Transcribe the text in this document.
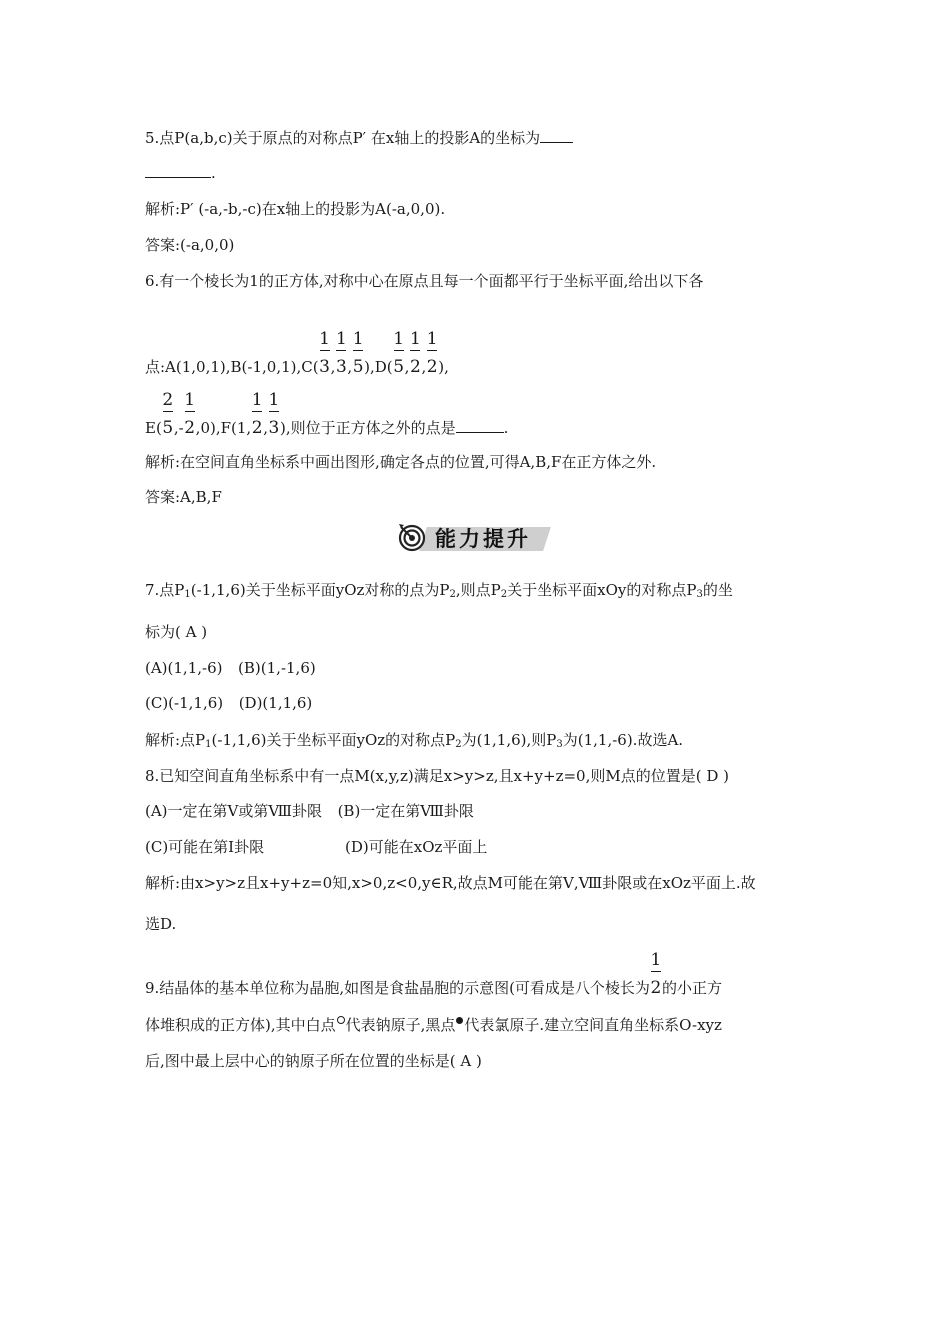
5.点P(a,b,c)关于原点的对称点P′ 在x轴上的投影A的坐标为
.
解析:P′ (-a,-b,-c)在x轴上的投影为A(-a,0,0).
答案:(-a,0,0)
6.有一个棱长为1的正方体,对称中心在原点且每一个面都平行于坐标平面,给出以下各
点:A(1,0,1),B(-1,0,1),C( $\frac{1}{3}$, $\frac{1}{3}$, $\frac{1}{5}),D( \frac{1}{5}$, $\frac{1}{2}$, $\frac{1}{2}$),
$E( \frac{2}{5},- \frac{1}{2},0),F(1$, $\frac{1}{2}$, $\frac{1}{3}$),则位于正方体之外的点是	.
解析:在空间直角坐标系中画出图形,确定各点的位置,可得A,B,F在正方体之外.
答案:A,B,F
能力提升
7.点$P_1(-1,1,6)$关于坐标平面yOz对称的点为$P_2$,则点$P_2$关于坐标平面xOy的对称点$P_3$的坐
标为( A )
(A)(1,1,-6) (B)(1,-1,6)
(C)(-1,1,6) (D)(1,1,6)
解析:点$P_1(-1,1,6)$关于坐标平面yOz的对称点$P_2$为(1,1,6),则$P_3$为(1,1,-6).故选A.
8.已知空间直角坐标系中有一点M(x,y,z)满足x>y>z,且x+y+z=0,则M点的位置是( D )
(A)一定在第Ⅴ或第Ⅷ卦限 (B)一定在第Ⅷ卦限
(C)可能在第Ⅰ卦限	(D)可能在xOz平面上
解析:由x>y>z且x+y+z=0知,x>0,z<0,y∈R,故点M可能在第Ⅴ,Ⅷ卦限或在xOz平面上.故
选D.
9.结晶体的基本单位称为晶胞,如图是食盐晶胞的示意图(可看成是八个棱长为 $\frac{1}{2}$的小正方
体堆积成的正方体),其中白点 代表钠原子,黑点 代表氯原子.建立空间直角坐标系O-xyz
后,图中最上层中心的钠原子所在位置的坐标是( A )
